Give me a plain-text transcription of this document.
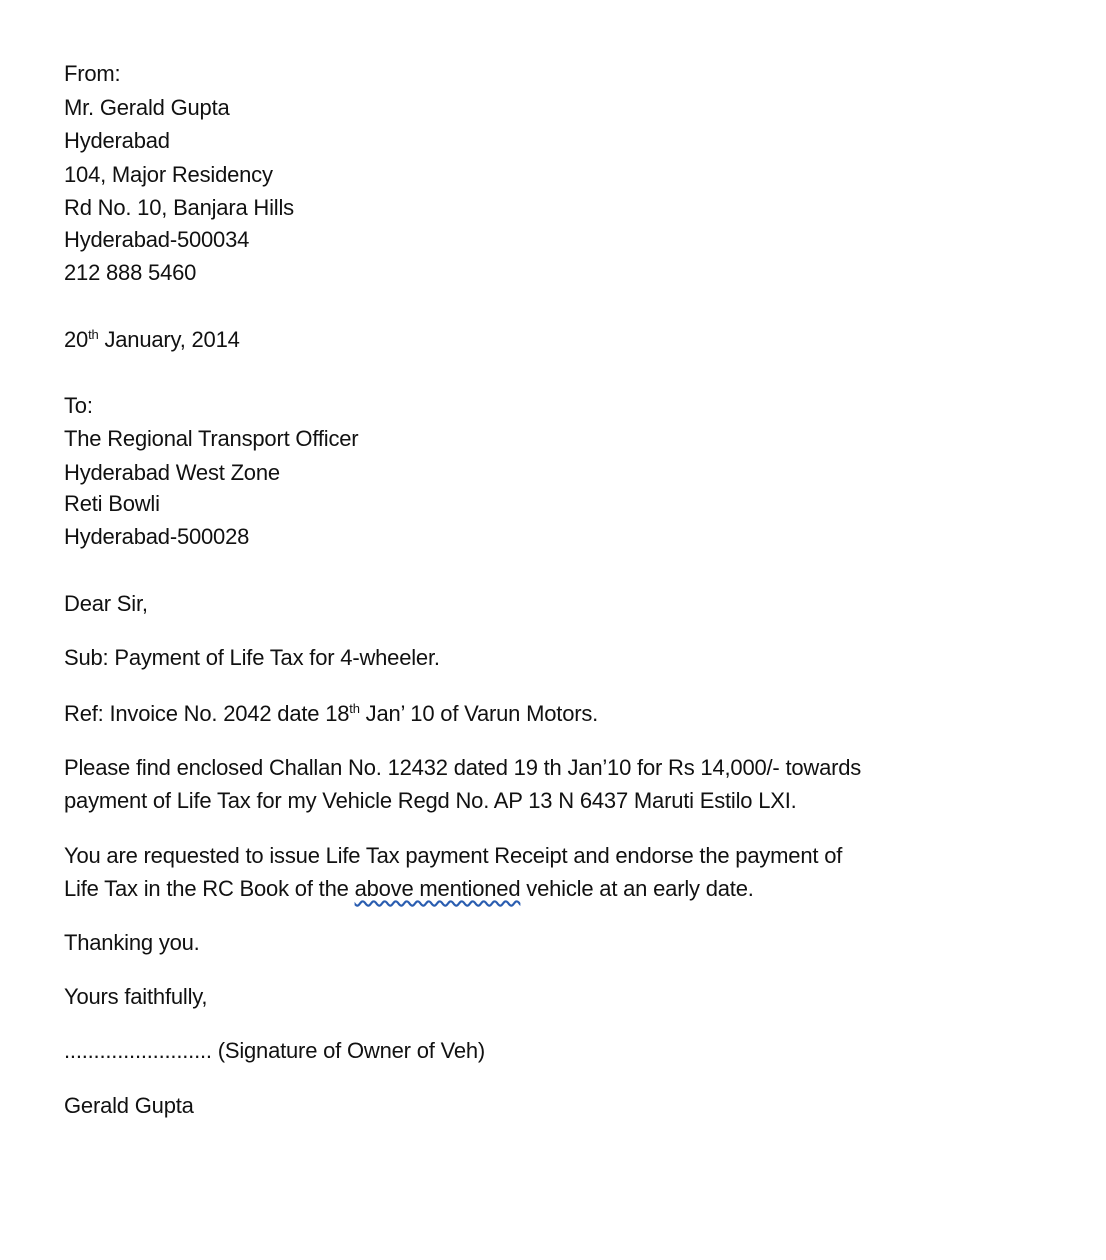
From:
Mr. Gerald Gupta
Hyderabad
104, Major Residency
Rd No. 10, Banjara Hills
Hyderabad-500034
212 888 5460
20th January, 2014
To:
The Regional Transport Officer
Hyderabad West Zone
Reti Bowli
Hyderabad-500028
Dear Sir,
Sub: Payment of Life Tax for 4-wheeler.
Ref: Invoice No. 2042 date 18th Jan’ 10 of Varun Motors.
Please find enclosed Challan No. 12432 dated 19 th Jan’10 for Rs 14,000/- towards
payment of Life Tax for my Vehicle Regd No. AP 13 N 6437 Maruti Estilo LXI.
You are requested to issue Life Tax payment Receipt and endorse the payment of
Life Tax in the RC Book of the above mentioned vehicle at an early date.
Thanking you.
Yours faithfully,
......................... (Signature of Owner of Veh)
Gerald Gupta
